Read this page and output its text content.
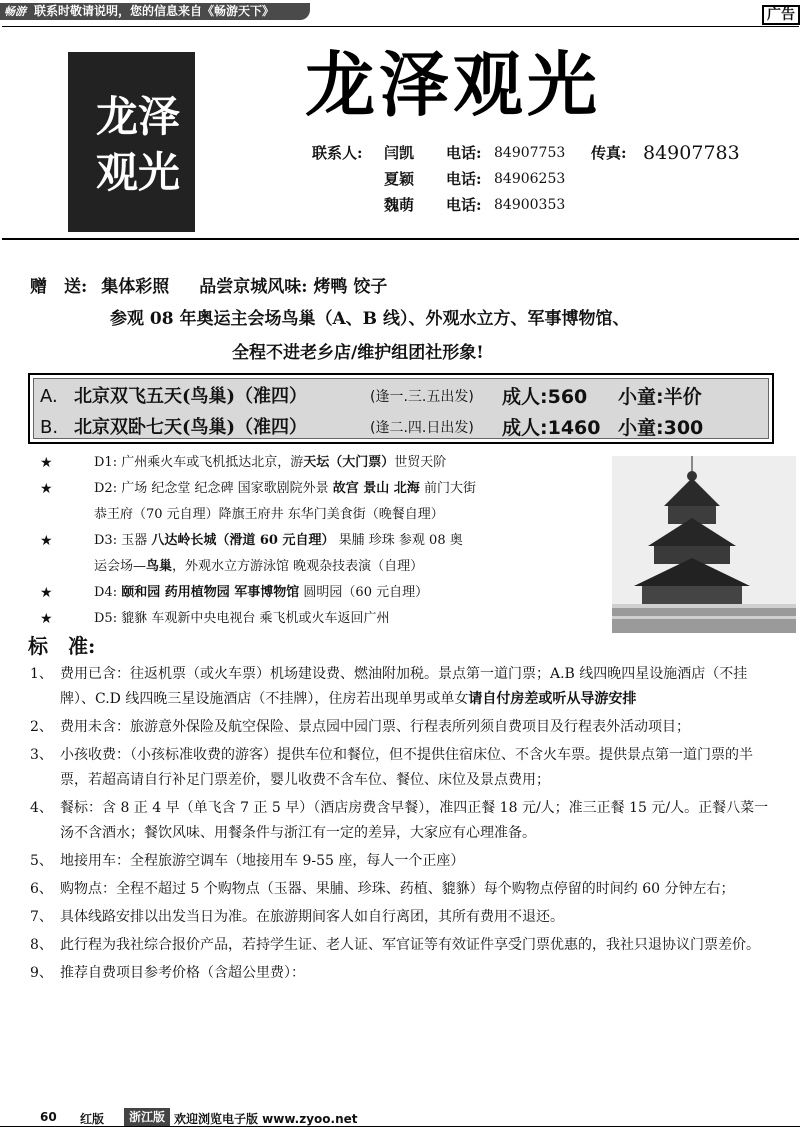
畅游 联系时敬请说明，您的信息来自《畅游天下》	广告
龙泽
观光
龙泽观光
联系人:	闫凯	电话: 84907753	传真: 84907783
夏颖	电话: 84906253
魏萌	电话: 84900353
赠　送: 集体彩照 品尝京城风味: 烤鸭 饺子
参观 08 年奥运主会场鸟巢（A、B 线）、外观水立方、军事博物馆、
全程不进老乡店/维护组团社形象!
A. 北京双飞五天(鸟巢)（准四）	(逢一.三.五出发) 成人:560 小童:半价
B. 北京双卧七天(鸟巢)（准四）	(逢二.四.日出发) 成人:1460 小童:300
★	D1: 广州乘火车或飞机抵达北京，游天坛（大门票）世贸天阶
★	D2: 广场 纪念堂 纪念碑 国家歌剧院外景 故宫 景山 北海 前门大街
恭王府（70 元自理）降旗王府井 东华门美食街（晚餐自理）
★	D3: 玉器 八达岭长城（滑道 60 元自理） 果脯 珍珠 参观 08 奥
运会场—鸟巢，外观水立方游泳馆 晚观杂技表演（自理）
★	D4: 颐和园 药用植物园 军事博物馆 圆明园（60 元自理）
★	D5: 貔貅 车观新中央电视台 乘飞机或火车返回广州
标　准:
1、 费用已含：往返机票（或火车票）机场建设费、燃油附加税。景点第一道门票；A.B 线四晚四星设施酒店（不挂牌）、C.D 线四晚三星设施酒店（不挂牌），住房若出现单男或单女请自付房差或听从导游安排
2、 费用未含：旅游意外保险及航空保险、景点园中园门票、行程表所列须自费项目及行程表外活动项目；
3、 小孩收费：（小孩标准收费的游客）提供车位和餐位，但不提供住宿床位、不含火车票。提供景点第一道门票的半票，若超高请自行补足门票差价，婴儿收费不含车位、餐位、床位及景点费用；
4、 餐标：含 8 正 4 早（单飞含 7 正 5 早）（酒店房费含早餐），准四正餐 18 元/人；准三正餐 15 元/人。正餐八菜一汤不含酒水；餐饮风味、用餐条件与浙江有一定的差异，大家应有心理准备。
5、 地接用车：全程旅游空调车（地接用车 9-55 座，每人一个正座）
6、 购物点：全程不超过 5 个购物点（玉器、果脯、珍珠、药植、貔貅）每个购物点停留的时间约 60 分钟左右；
7、 具体线路安排以出发当日为准。在旅游期间客人如自行离团，其所有费用不退还。
8、 此行程为我社综合报价产品，若持学生证、老人证、军官证等有效证件享受门票优惠的，我社只退协议门票差价。
9、 推荐自费项目参考价格（含超公里费）：
60 红版	浙江版 欢迎浏览电子版 www.zyoo.net
